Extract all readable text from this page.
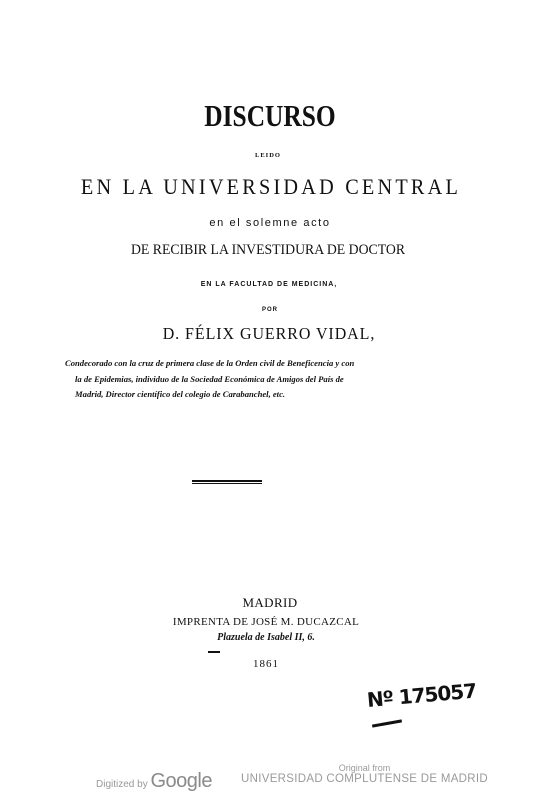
DISCURSO
LEIDO
EN LA UNIVERSIDAD CENTRAL
en el solemne acto
DE RECIBIR LA INVESTIDURA DE DOCTOR
EN LA FACULTAD DE MEDICINA,
POR
D. FÉLIX GUERRO VIDAL,
Condecorado con la cruz de primera clase de la Orden civil de Beneficencia y con
la de Epidemias, individuo de la Sociedad Económica de Amigos del País de
Madrid, Director científico del colegio de Carabanchel, etc.
MADRID
IMPRENTA DE JOSÉ M. DUCAZCAL
Plazuela de Isabel II, 6.
1861
Nº 175057
Digitized by Google
Original from
UNIVERSIDAD COMPLUTENSE DE MADRID
